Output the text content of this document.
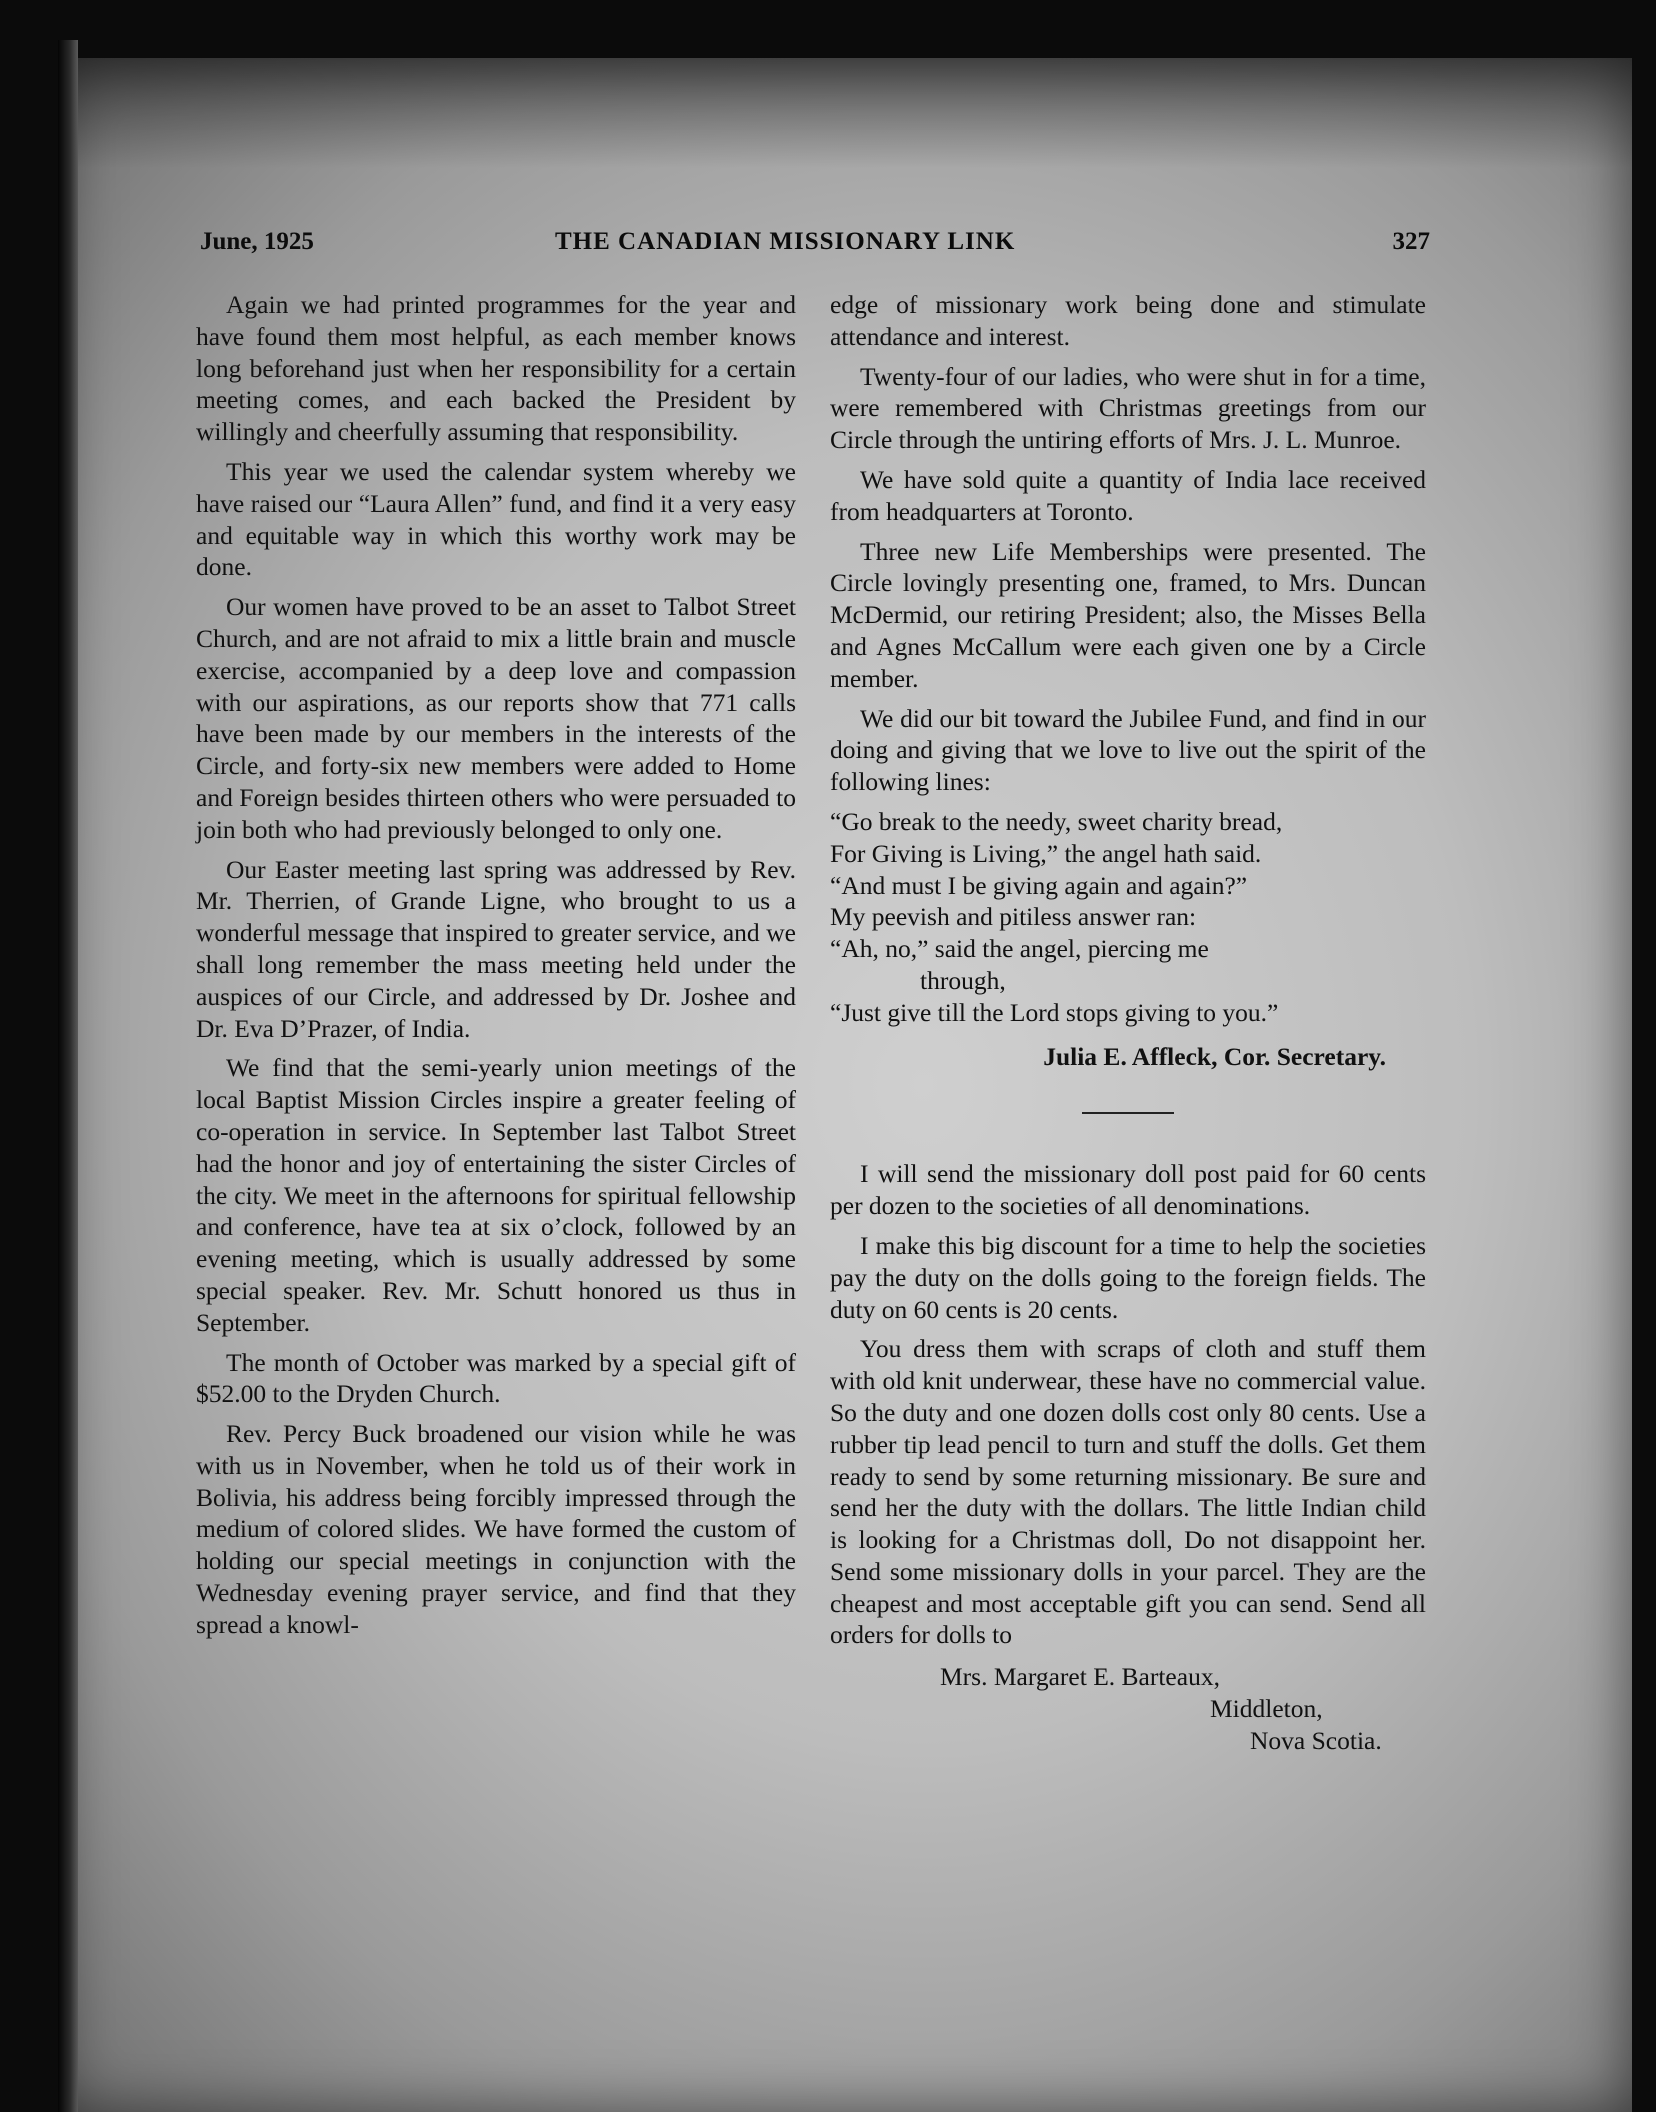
June, 1925	THE CANADIAN MISSIONARY LINK	327

Again we had printed programmes for the year and have found them most helpful, as each member knows long beforehand just when her responsibility for a certain meeting comes, and each backed the President by willingly and cheerfully assuming that responsibility.

This year we used the calendar system whereby we have raised our “Laura Allen” fund, and find it a very easy and equitable way in which this worthy work may be done.

Our women have proved to be an asset to Talbot Street Church, and are not afraid to mix a little brain and muscle exercise, accompanied by a deep love and compassion with our aspirations, as our reports show that 771 calls have been made by our members in the interests of the Circle, and forty-six new members were added to Home and Foreign besides thirteen others who were persuaded to join both who had previously belonged to only one.

Our Easter meeting last spring was addressed by Rev. Mr. Therrien, of Grande Ligne, who brought to us a wonderful message that inspired to greater service, and we shall long remember the mass meeting held under the auspices of our Circle, and addressed by Dr. Joshee and Dr. Eva D’Prazer, of India.

We find that the semi-yearly union meetings of the local Baptist Mission Circles inspire a greater feeling of co-operation in service. In September last Talbot Street had the honor and joy of entertaining the sister Circles of the city. We meet in the afternoons for spiritual fellowship and conference, have tea at six o’clock, followed by an evening meeting, which is usually addressed by some special speaker. Rev. Mr. Schutt honored us thus in September.

The month of October was marked by a special gift of $52.00 to the Dryden Church.

Rev. Percy Buck broadened our vision while he was with us in November, when he told us of their work in Bolivia, his address being forcibly impressed through the medium of colored slides. We have formed the custom of holding our special meetings in conjunction with the Wednesday evening prayer service, and find that they spread a knowl-

edge of missionary work being done and stimulate attendance and interest.

Twenty-four of our ladies, who were shut in for a time, were remembered with Christmas greetings from our Circle through the untiring efforts of Mrs. J. L. Munroe.

We have sold quite a quantity of India lace received from headquarters at Toronto.

Three new Life Memberships were presented. The Circle lovingly presenting one, framed, to Mrs. Duncan McDermid, our retiring President; also, the Misses Bella and Agnes McCallum were each given one by a Circle member.

We did our bit toward the Jubilee Fund, and find in our doing and giving that we love to live out the spirit of the following lines:

“Go break to the needy, sweet charity bread,
For Giving is Living,” the angel hath said.
“And must I be giving again and again?”
My peevish and pitiless answer ran:
“Ah, no,” said the angel, piercing me
through,
“Just give till the Lord stops giving to you.”
Julia E. Affleck, Cor. Secretary.

I will send the missionary doll post paid for 60 cents per dozen to the societies of all denominations.

I make this big discount for a time to help the societies pay the duty on the dolls going to the foreign fields. The duty on 60 cents is 20 cents.

You dress them with scraps of cloth and stuff them with old knit underwear, these have no commercial value. So the duty and one dozen dolls cost only 80 cents. Use a rubber tip lead pencil to turn and stuff the dolls. Get them ready to send by some returning missionary. Be sure and send her the duty with the dollars. The little Indian child is looking for a Christmas doll, Do not disappoint her. Send some missionary dolls in your parcel. They are the cheapest and most acceptable gift you can send. Send all orders for dolls to

Mrs. Margaret E. Barteaux,
Middleton,
Nova Scotia.
